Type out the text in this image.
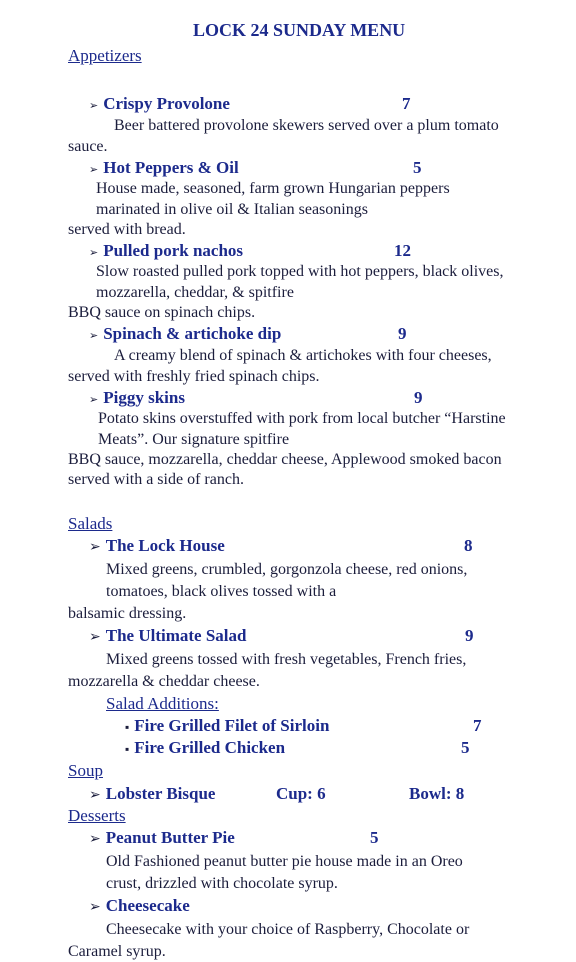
LOCK 24 SUNDAY MENU
Appetizers
➢ Crispy Provolone	7
Beer battered provolone skewers served over a plum tomato
sauce.
➢ Hot Peppers & Oil	5
House made, seasoned, farm grown Hungarian peppers
marinated in olive oil & Italian seasonings
served with bread.
➢ Pulled pork nachos	12
Slow roasted pulled pork topped with hot peppers, black olives,
mozzarella, cheddar, & spitfire
BBQ sauce on spinach chips.
➢ Spinach & artichoke dip	9
A creamy blend of spinach & artichokes with four cheeses,
served with freshly fried spinach chips.
➢ Piggy skins	9
Potato skins overstuffed with pork from local butcher “Harstine
Meats”. Our signature spitfire
BBQ sauce, mozzarella, cheddar cheese, Applewood smoked bacon
served with a side of ranch.
Salads
➢ The Lock House	8
Mixed greens, crumbled, gorgonzola cheese, red onions,
tomatoes, black olives tossed with a
balsamic dressing.
➢ The Ultimate Salad	9
Mixed greens tossed with fresh vegetables, French fries,
mozzarella & cheddar cheese.
Salad Additions:
▪ Fire Grilled Filet of Sirloin	7
▪ Fire Grilled Chicken	5
Soup
➢ Lobster Bisque	Cup: 6	Bowl: 8
Desserts
➢ Peanut Butter Pie	5
Old Fashioned peanut butter pie house made in an Oreo
crust, drizzled with chocolate syrup.
➢ Cheesecake
Cheesecake with your choice of Raspberry, Chocolate or
Caramel syrup.
